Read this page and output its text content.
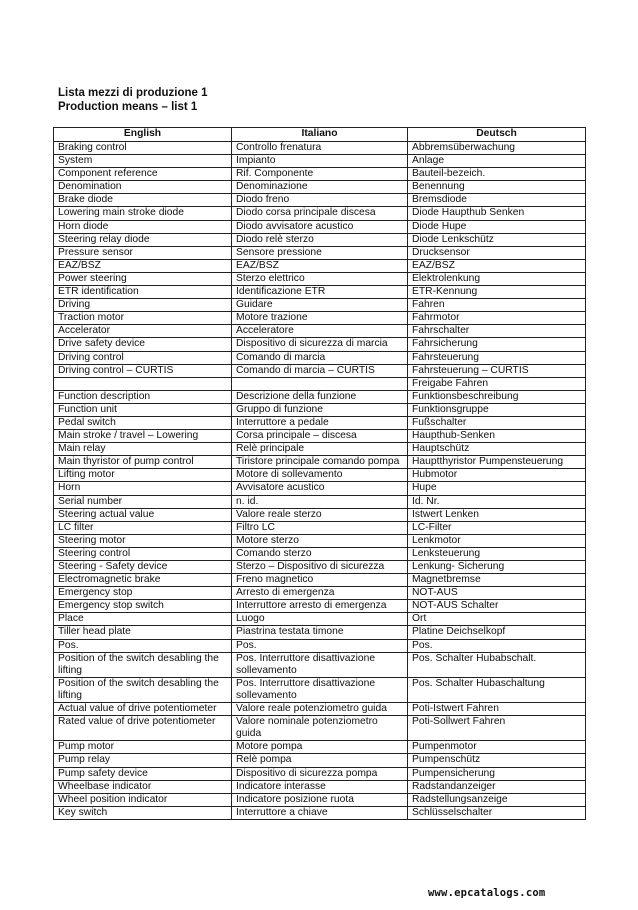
Lista mezzi di produzione 1
Production means – list 1
English	Italiano	Deutsch
Braking control	Controllo frenatura	Abbremsüberwachung
System	Impianto	Anlage
Component reference	Rif. Componente	Bauteil-bezeich.
Denomination	Denominazione	Benennung
Brake diode	Diodo freno	Bremsdiode
Lowering main stroke diode	Diodo corsa principale discesa	Diode Haupthub Senken
Horn diode	Diodo avvisatore acustico	Diode Hupe
Steering relay diode	Diodo relè sterzo	Diode Lenkschütz
Pressure sensor	Sensore pressione	Drucksensor
EAZ/BSZ	EAZ/BSZ	EAZ/BSZ
Power steering	Sterzo elettrico	Elektrolenkung
ETR identification	Identificazione ETR	ETR-Kennung
Driving	Guidare	Fahren
Traction motor	Motore trazione	Fahrmotor
Accelerator	Acceleratore	Fahrschalter
Drive safety device	Dispositivo di sicurezza di marcia	Fahrsicherung
Driving control	Comando di marcia	Fahrsteuerung
Driving control – CURTIS	Comando di marcia – CURTIS	Fahrsteuerung – CURTIS
		Freigabe Fahren
Function description	Descrizione della funzione	Funktionsbeschreibung
Function unit	Gruppo di funzione	Funktionsgruppe
Pedal switch	Interruttore a pedale	Fußschalter
Main stroke / travel – Lowering	Corsa principale – discesa	Haupthub-Senken
Main relay	Relè principale	Hauptschütz
Main thyristor of pump control	Tiristore principale comando pompa	Hauptthyristor Pumpensteuerung
Lifting motor	Motore di sollevamento	Hubmotor
Horn	Avvisatore acustico	Hupe
Serial number	n. id.	Id. Nr.
Steering actual value	Valore reale sterzo	Istwert Lenken
LC filter	Filtro LC	LC-Filter
Steering motor	Motore sterzo	Lenkmotor
Steering control	Comando sterzo	Lenksteuerung
Steering - Safety device	Sterzo – Dispositivo di sicurezza	Lenkung- Sicherung
Electromagnetic brake	Freno magnetico	Magnetbremse
Emergency stop	Arresto di emergenza	NOT-AUS
Emergency stop switch	Interruttore arresto di emergenza	NOT-AUS Schalter
Place	Luogo	Ort
Tiller head plate	Piastrina testata timone	Platine Deichselkopf
Pos.	Pos.	Pos.
Position of the switch desabling the lifting	Pos. Interruttore disattivazione sollevamento	Pos. Schalter Hubabschalt.
Position of the switch desabling the lifting	Pos. Interruttore disattivazione sollevamento	Pos. Schalter Hubaschaltung
Actual value of drive potentiometer	Valore reale potenziometro guida	Poti-Istwert Fahren
Rated value of drive potentiometer	Valore nominale potenziometro guida	Poti-Sollwert Fahren
Pump motor	Motore pompa	Pumpenmotor
Pump relay	Relè pompa	Pumpenschütz
Pump safety device	Dispositivo di sicurezza pompa	Pumpensicherung
Wheelbase indicator	Indicatore interasse	Radstandanzeiger
Wheel position indicator	Indicatore posizione ruota	Radstellungsanzeige
Key switch	Interruttore a chiave	Schlüsselschalter
www.epcatalogs.com
